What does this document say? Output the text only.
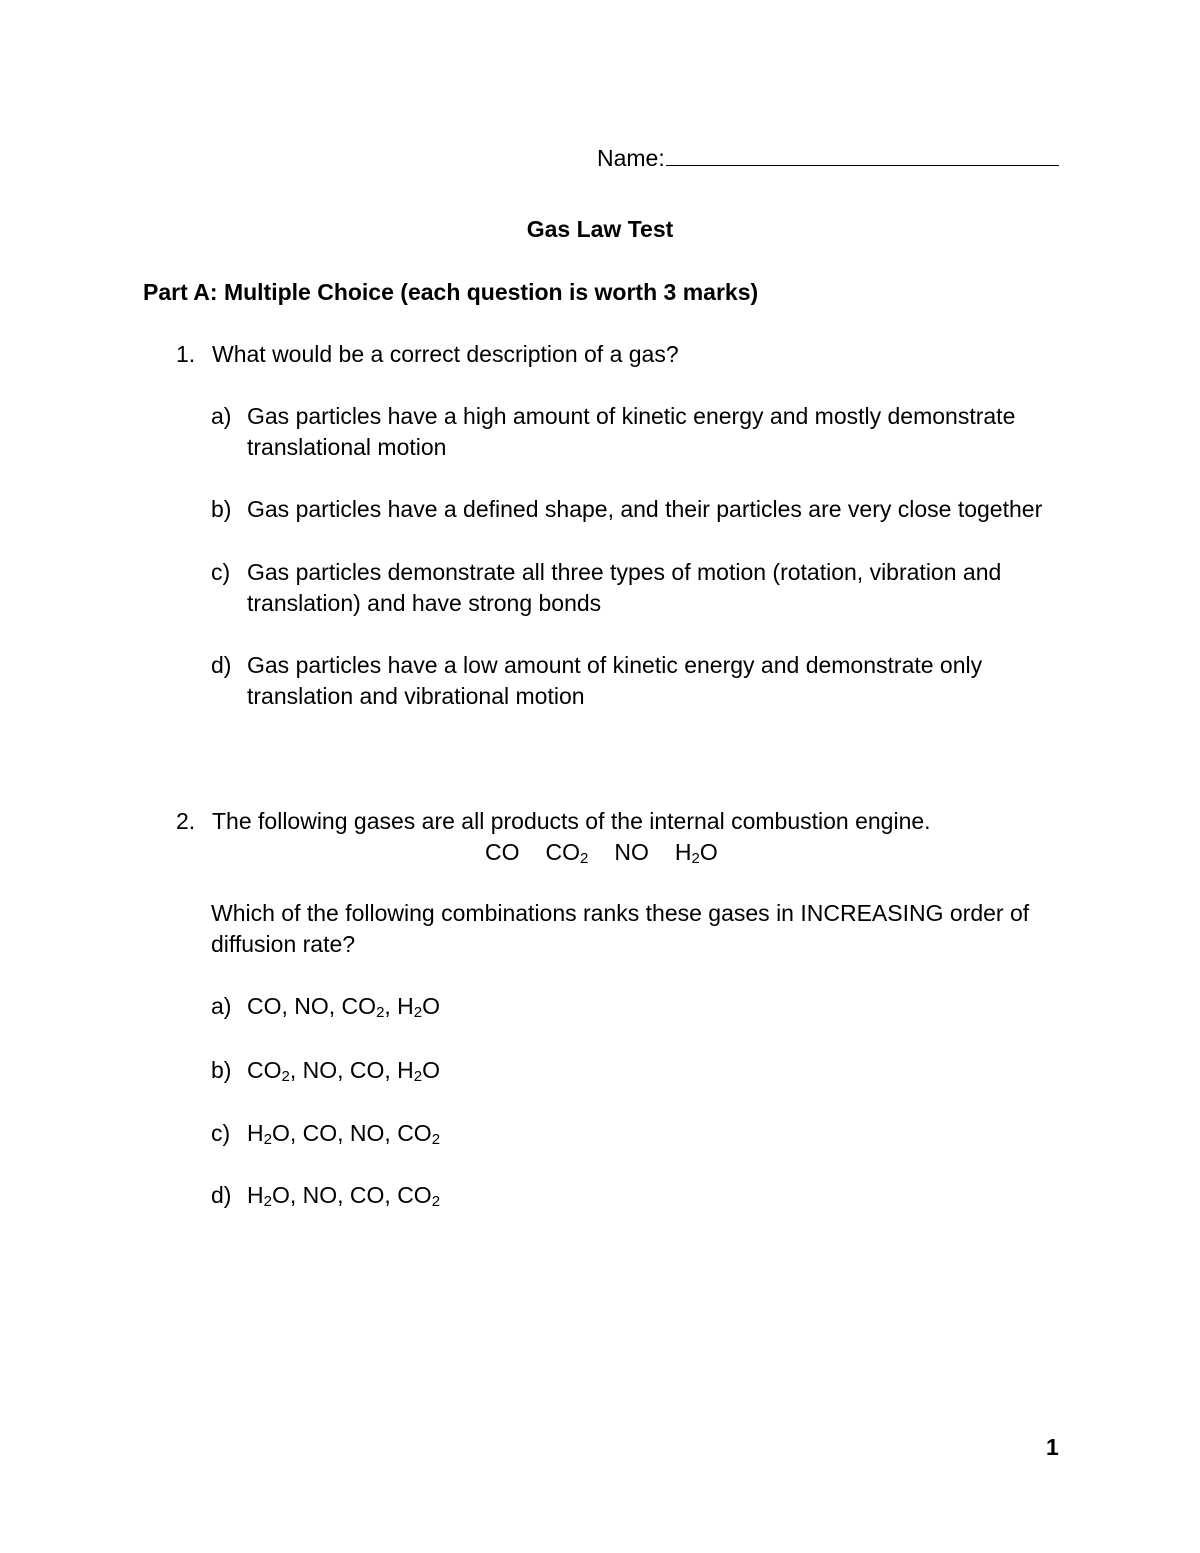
Name:
Gas Law Test
Part A: Multiple Choice (each question is worth 3 marks)
1. What would be a correct description of a gas?
a) Gas particles have a high amount of kinetic energy and mostly demonstrate
translational motion
b) Gas particles have a defined shape, and their particles are very close together
c) Gas particles demonstrate all three types of motion (rotation, vibration and
translation) and have strong bonds
d) Gas particles have a low amount of kinetic energy and demonstrate only
translation and vibrational motion
2. The following gases are all products of the internal combustion engine.
CO $CO_2$ NO $H_2O$
Which of the following combinations ranks these gases in INCREASING order of
diffusion rate?
a) CO, NO, $CO_2$, $H_2O$
b) $CO_2$, NO, CO, $H_2O$
c) $H_2O$, CO, NO, $CO_2$
d) $H_2O$, NO, CO, $CO_2$
1
